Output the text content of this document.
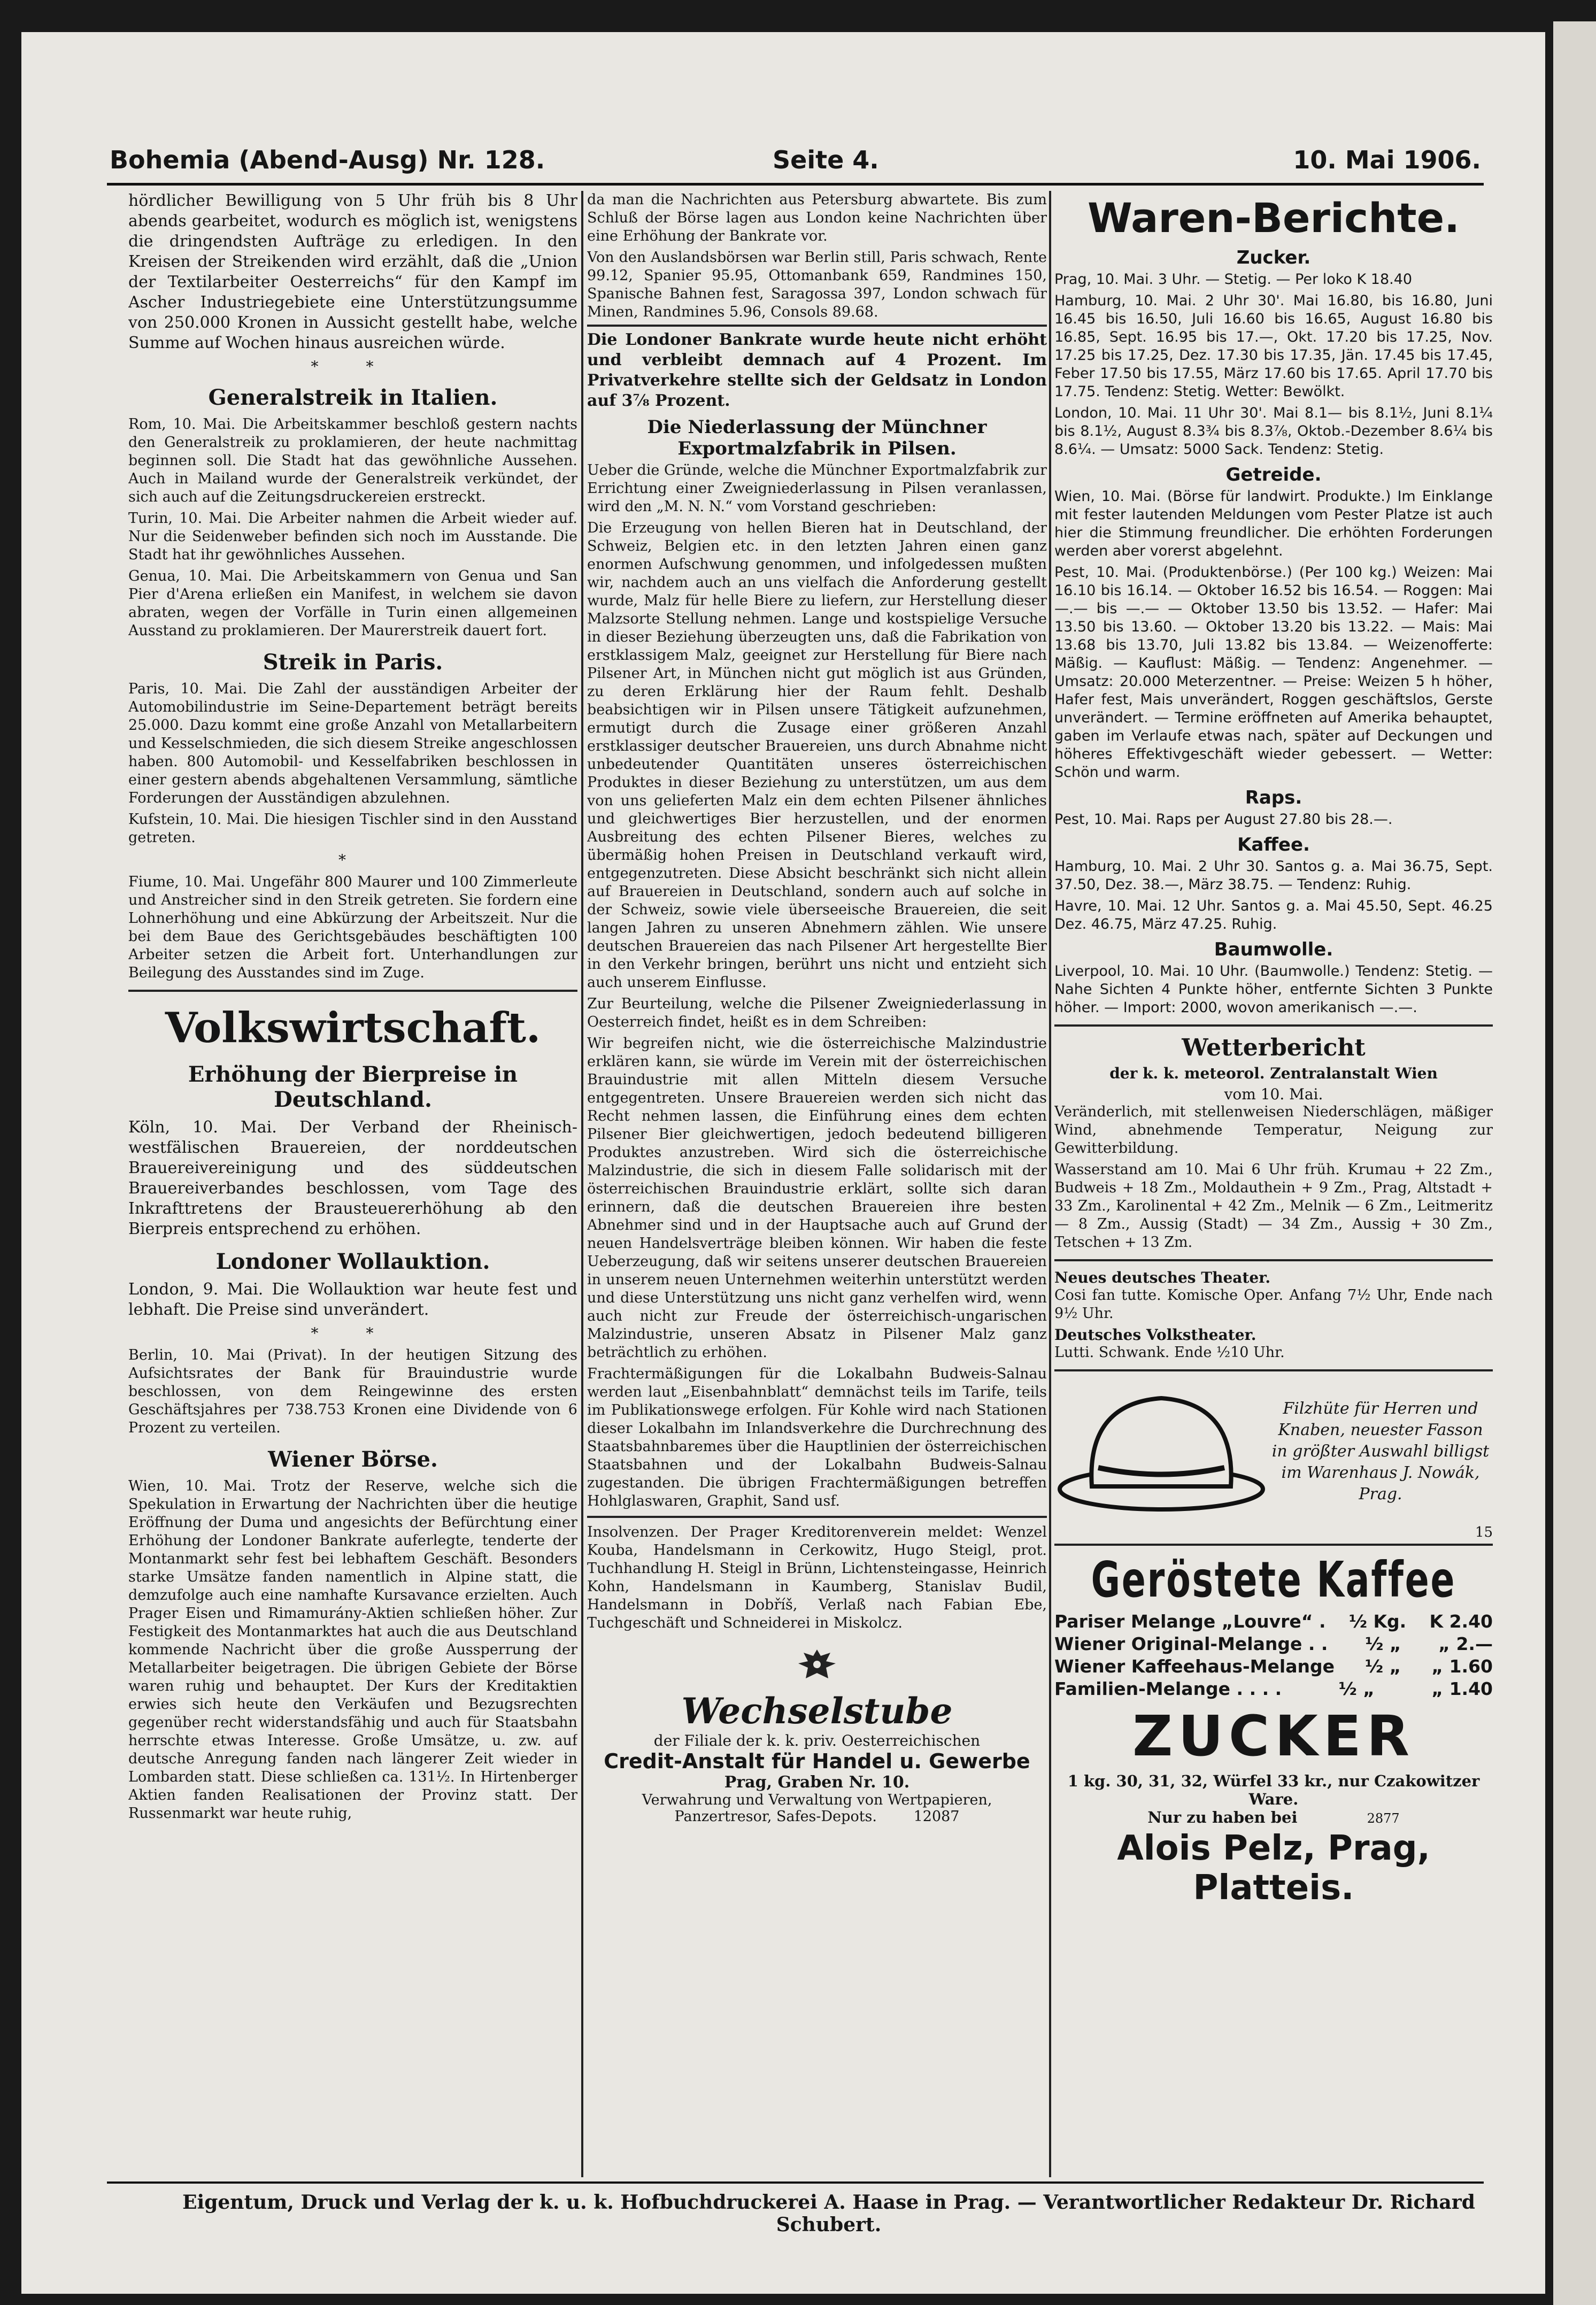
Bohemia (Abend-Ausg) Nr. 128.	Seite 4.	10. Mai 1906.

hördlicher Bewilligung von 5 Uhr früh bis 8 Uhr abends gearbeitet, wodurch es möglich ist, wenigstens die dringendsten Aufträge zu erledigen. In den Kreisen der Streikenden wird erzählt, daß die „Union der Textilarbeiter Oesterreichs“ für den Kampf im Ascher Industriegebiete eine Unterstützungsumme von 250.000 Kronen in Aussicht gestellt habe, welche Summe auf Wochen hinaus ausreichen würde.

* *
Generalstreik in Italien.

Rom, 10. Mai. Die Arbeitskammer beschloß gestern nachts den Generalstreik zu proklamieren, der heute nachmittag beginnen soll. Die Stadt hat das gewöhnliche Aussehen. Auch in Mailand wurde der Generalstreik verkündet, der sich auch auf die Zeitungsdruckereien erstreckt.

Turin, 10. Mai. Die Arbeiter nahmen die Arbeit wieder auf. Nur die Seidenweber befinden sich noch im Ausstande. Die Stadt hat ihr gewöhnliches Aussehen.

Genua, 10. Mai. Die Arbeitskammern von Genua und San Pier d'Arena erließen ein Manifest, in welchem sie davon abraten, wegen der Vorfälle in Turin einen allgemeinen Ausstand zu proklamieren. Der Maurerstreik dauert fort.

Streik in Paris.

Paris, 10. Mai. Die Zahl der ausständigen Arbeiter der Automobilindustrie im Seine-Departement beträgt bereits 25.000. Dazu kommt eine große Anzahl von Metallarbeitern und Kesselschmieden, die sich diesem Streike angeschlossen haben. 800 Automobil- und Kesselfabriken beschlossen in einer gestern abends abgehaltenen Versammlung, sämtliche Forderungen der Ausständigen abzulehnen.

Kufstein, 10. Mai. Die hiesigen Tischler sind in den Ausstand getreten.

*

Fiume, 10. Mai. Ungefähr 800 Maurer und 100 Zimmerleute und Anstreicher sind in den Streik getreten. Sie fordern eine Lohnerhöhung und eine Abkürzung der Arbeitszeit. Nur die bei dem Baue des Gerichtsgebäudes beschäftigten 100 Arbeiter setzen die Arbeit fort. Unterhandlungen zur Beilegung des Ausstandes sind im Zuge.

Volkswirtschaft.
Erhöhung der Bierpreise in Deutschland.

Köln, 10. Mai. Der Verband der Rheinisch-westfälischen Brauereien, der norddeutschen Brauereivereinigung und des süddeutschen Brauereiverbandes beschlossen, vom Tage des Inkrafttretens der Brausteuererhöhung ab den Bierpreis entsprechend zu erhöhen.

Londoner Wollauktion.

London, 9. Mai. Die Wollauktion war heute fest und lebhaft. Die Preise sind unverändert.

* *

Berlin, 10. Mai (Privat). In der heutigen Sitzung des Aufsichtsrates der Bank für Brauindustrie wurde beschlossen, von dem Reingewinne des ersten Geschäftsjahres per 738.753 Kronen eine Dividende von 6 Prozent zu verteilen.

Wiener Börse.

Wien, 10. Mai. Trotz der Reserve, welche sich die Spekulation in Erwartung der Nachrichten über die heutige Eröffnung der Duma und angesichts der Befürchtung einer Erhöhung der Londoner Bankrate auferlegte, tenderte der Montanmarkt sehr fest bei lebhaftem Geschäft. Besonders starke Umsätze fanden namentlich in Alpine statt, die demzufolge auch eine namhafte Kursavance erzielten. Auch Prager Eisen und Rimamurány-Aktien schließen höher. Zur Festigkeit des Montanmarktes hat auch die aus Deutschland kommende Nachricht über die große Aussperrung der Metallarbeiter beigetragen. Die übrigen Gebiete der Börse waren ruhig und behauptet. Der Kurs der Kreditaktien erwies sich heute den Verkäufen und Bezugsrechten gegenüber recht widerstandsfähig und auch für Staatsbahn herrschte etwas Interesse. Große Umsätze, u. zw. auf deutsche Anregung fanden nach längerer Zeit wieder in Lombarden statt. Diese schließen ca. 131½. In Hirtenberger Aktien fanden Realisationen der Provinz statt. Der Russenmarkt war heute ruhig,

da man die Nachrichten aus Petersburg abwartete. Bis zum Schluß der Börse lagen aus London keine Nachrichten über eine Erhöhung der Bankrate vor.

Von den Auslandsbörsen war Berlin still, Paris schwach, Rente 99.12, Spanier 95.95, Ottomanbank 659, Randmines 150, Spanische Bahnen fest, Saragossa 397, London schwach für Minen, Randmines 5.96, Consols 89.68.

Die Londoner Bankrate wurde heute nicht erhöht und verbleibt demnach auf 4 Prozent. Im Privatverkehre stellte sich der Geldsatz in London auf 3⅞ Prozent.

Die Niederlassung der Münchner Exportmalzfabrik in Pilsen.

Ueber die Gründe, welche die Münchner Exportmalzfabrik zur Errichtung einer Zweigniederlassung in Pilsen veranlassen, wird den „M. N. N.“ vom Vorstand geschrieben:

Die Erzeugung von hellen Bieren hat in Deutschland, der Schweiz, Belgien etc. in den letzten Jahren einen ganz enormen Aufschwung genommen, und infolgedessen mußten wir, nachdem auch an uns vielfach die Anforderung gestellt wurde, Malz für helle Biere zu liefern, zur Herstellung dieser Malzsorte Stellung nehmen. Lange und kostspielige Versuche in dieser Beziehung überzeugten uns, daß die Fabrikation von erstklassigem Malz, geeignet zur Herstellung für Biere nach Pilsener Art, in München nicht gut möglich ist aus Gründen, zu deren Erklärung hier der Raum fehlt. Deshalb beabsichtigen wir in Pilsen unsere Tätigkeit aufzunehmen, ermutigt durch die Zusage einer größeren Anzahl erstklassiger deutscher Brauereien, uns durch Abnahme nicht unbedeutender Quantitäten unseres österreichischen Produktes in dieser Beziehung zu unterstützen, um aus dem von uns gelieferten Malz ein dem echten Pilsener ähnliches und gleichwertiges Bier herzustellen, und der enormen Ausbreitung des echten Pilsener Bieres, welches zu übermäßig hohen Preisen in Deutschland verkauft wird, entgegenzutreten. Diese Absicht beschränkt sich nicht allein auf Brauereien in Deutschland, sondern auch auf solche in der Schweiz, sowie viele überseeische Brauereien, die seit langen Jahren zu unseren Abnehmern zählen. Wie unsere deutschen Brauereien das nach Pilsener Art hergestellte Bier in den Verkehr bringen, berührt uns nicht und entzieht sich auch unserem Einflusse.

Zur Beurteilung, welche die Pilsener Zweigniederlassung in Oesterreich findet, heißt es in dem Schreiben:

Wir begreifen nicht, wie die österreichische Malzindustrie erklären kann, sie würde im Verein mit der österreichischen Brauindustrie mit allen Mitteln diesem Versuche entgegentreten. Unsere Brauereien werden sich nicht das Recht nehmen lassen, die Einführung eines dem echten Pilsener Bier gleichwertigen, jedoch bedeutend billigeren Produktes anzustreben. Wird sich die österreichische Malzindustrie, die sich in diesem Falle solidarisch mit der österreichischen Brauindustrie erklärt, sollte sich daran erinnern, daß die deutschen Brauereien ihre besten Abnehmer sind und in der Hauptsache auch auf Grund der neuen Handelsverträge bleiben können. Wir haben die feste Ueberzeugung, daß wir seitens unserer deutschen Brauereien in unserem neuen Unternehmen weiterhin unterstützt werden und diese Unterstützung uns nicht ganz verhelfen wird, wenn auch nicht zur Freude der österreichisch-ungarischen Malzindustrie, unseren Absatz in Pilsener Malz ganz beträchtlich zu erhöhen.

Frachtermäßigungen für die Lokalbahn Budweis-Salnau werden laut „Eisenbahnblatt“ demnächst teils im Tarife, teils im Publikationswege erfolgen. Für Kohle wird nach Stationen dieser Lokalbahn im Inlandsverkehre die Durchrechnung des Staatsbahnbaremes über die Hauptlinien der österreichischen Staatsbahnen und der Lokalbahn Budweis-Salnau zugestanden. Die übrigen Frachtermäßigungen betreffen Hohlglaswaren, Graphit, Sand usf.

Insolvenzen. Der Prager Kreditorenverein meldet: Wenzel Kouba, Handelsmann in Cerkowitz, Hugo Steigl, prot. Tuchhandlung H. Steigl in Brünn, Lichtensteingasse, Heinrich Kohn, Handelsmann in Kaumberg, Stanislav Budil, Handelsmann in Dobříš, Verlaß nach Fabian Ebe, Tuchgeschäft und Schneiderei in Miskolcz.

Wechselstube
der Filiale der k. k. priv. Oesterreichischen
Credit-Anstalt für Handel u. Gewerbe
Prag, Graben Nr. 10.
Verwahrung und Verwaltung von Wertpapieren,
Panzertresor, Safes-Depots.	12087
Waren-Berichte.
Zucker.

Prag, 10. Mai. 3 Uhr. — Stetig. — Per loko K 18.40

Hamburg, 10. Mai. 2 Uhr 30'. Mai 16.80, bis 16.80, Juni 16.45 bis 16.50, Juli 16.60 bis 16.65, August 16.80 bis 16.85, Sept. 16.95 bis 17.—, Okt. 17.20 bis 17.25, Nov. 17.25 bis 17.25, Dez. 17.30 bis 17.35, Jän. 17.45 bis 17.45, Feber 17.50 bis 17.55, März 17.60 bis 17.65. April 17.70 bis 17.75. Tendenz: Stetig. Wetter: Bewölkt.

London, 10. Mai. 11 Uhr 30'. Mai 8.1— bis 8.1½, Juni 8.1¼ bis 8.1½, August 8.3¾ bis 8.3⅞, Oktob.-Dezember 8.6¼ bis 8.6¼. — Umsatz: 5000 Sack. Tendenz: Stetig.

Getreide.

Wien, 10. Mai. (Börse für landwirt. Produkte.) Im Einklange mit fester lautenden Meldungen vom Pester Platze ist auch hier die Stimmung freundlicher. Die erhöhten Forderungen werden aber vorerst abgelehnt.

Pest, 10. Mai. (Produktenbörse.) (Per 100 kg.) Weizen: Mai 16.10 bis 16.14. — Oktober 16.52 bis 16.54. — Roggen: Mai —.— bis —.— — Oktober 13.50 bis 13.52. — Hafer: Mai 13.50 bis 13.60. — Oktober 13.20 bis 13.22. — Mais: Mai 13.68 bis 13.70, Juli 13.82 bis 13.84. — Weizenofferte: Mäßig. — Kauflust: Mäßig. — Tendenz: Angenehmer. — Umsatz: 20.000 Meterzentner. — Preise: Weizen 5 h höher, Hafer fest, Mais unverändert, Roggen geschäftslos, Gerste unverändert. — Termine eröffneten auf Amerika behauptet, gaben im Verlaufe etwas nach, später auf Deckungen und höheres Effektivgeschäft wieder gebessert. — Wetter: Schön und warm.

Raps.

Pest, 10. Mai. Raps per August 27.80 bis 28.—.

Kaffee.

Hamburg, 10. Mai. 2 Uhr 30. Santos g. a. Mai 36.75, Sept. 37.50, Dez. 38.—, März 38.75. — Tendenz: Ruhig.

Havre, 10. Mai. 12 Uhr. Santos g. a. Mai 45.50, Sept. 46.25 Dez. 46.75, März 47.25. Ruhig.

Baumwolle.

Liverpool, 10. Mai. 10 Uhr. (Baumwolle.) Tendenz: Stetig. — Nahe Sichten 4 Punkte höher, entfernte Sichten 3 Punkte höher. — Import: 2000, wovon amerikanisch —.—.

Wetterbericht
der k. k. meteorol. Zentralanstalt Wien
vom 10. Mai.

Veränderlich, mit stellenweisen Niederschlägen, mäßiger Wind, abnehmende Temperatur, Neigung zur Gewitterbildung.

Wasserstand am 10. Mai 6 Uhr früh. Krumau + 22 Zm., Budweis + 18 Zm., Moldauthein + 9 Zm., Prag, Altstadt + 33 Zm., Karolinental + 42 Zm., Melnik — 6 Zm., Leitmeritz — 8 Zm., Aussig (Stadt) — 34 Zm., Aussig + 30 Zm., Tetschen + 13 Zm.

Neues deutsches Theater.

Cosi fan tutte. Komische Oper. Anfang 7½ Uhr, Ende nach 9½ Uhr.

Deutsches Volkstheater.

Lutti. Schwank. Ende ½10 Uhr.

Filzhüte für Herren und Knaben, neuester Fasson in größter Auswahl billigst im Warenhaus J. Nowák, Prag.
15
Geröstete Kaffee
Pariser Melange „Louvre“ . ½ Kg. K 2.40
Wiener Original-Melange . . ½ „ „ 2.—
Wiener Kaffeehaus-Melange ½ „ „ 1.60
Familien-Melange . . . .	½ „	„ 1.40
ZUCKER
1 kg. 30, 31, 32, Würfel 33 kr., nur Czakowitzer Ware.
Nur zu haben bei	2877
Alois Pelz, Prag, Platteis.
Eigentum, Druck und Verlag der k. u. k. Hofbuchdruckerei A. Haase in Prag. — Verantwortlicher Redakteur Dr. Richard Schubert.
